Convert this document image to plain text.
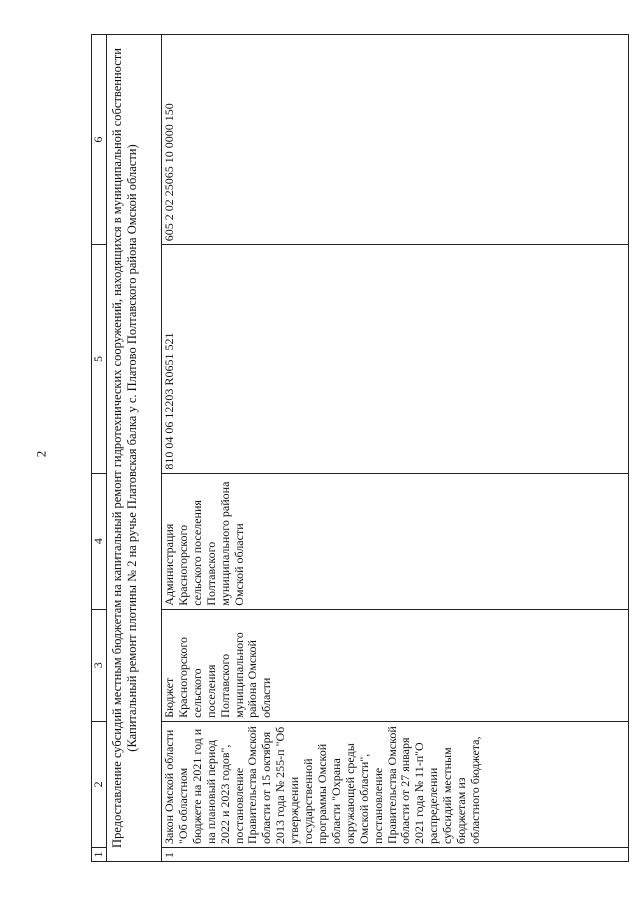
2
1	2	3	4	5	6
Предоставление субсидий местным бюджетам на капитальный ремонт гидротехнических сооружений, находящихся в муниципальной собственности (Капитальный ремонт плотины № 2 на ручье Платовская балка у с. Платово Полтавского района Омской области)					
1	Закон Омской области "Об областном бюджете на 2021 год и на плановый период 2022 и 2023 годов", постановление Правительства Омской области от 15 октября 2013 года № 255-п "Об утверждении государственной программы Омской области "Охрана окружающей среды Омской области", постановление Правительства Омской области от 27 января 2021 года № 11-п"О распределении субсидий местным бюджетам из областного бюджета,	Бюджет Красногорского сельского поселения Полтавского муниципального района Омской области	Администрация Красногорского сельского поселения Полтавского муниципального района Омской области	810 04 06 12203 R0651 521	605 2 02 25065 10 0000 150
